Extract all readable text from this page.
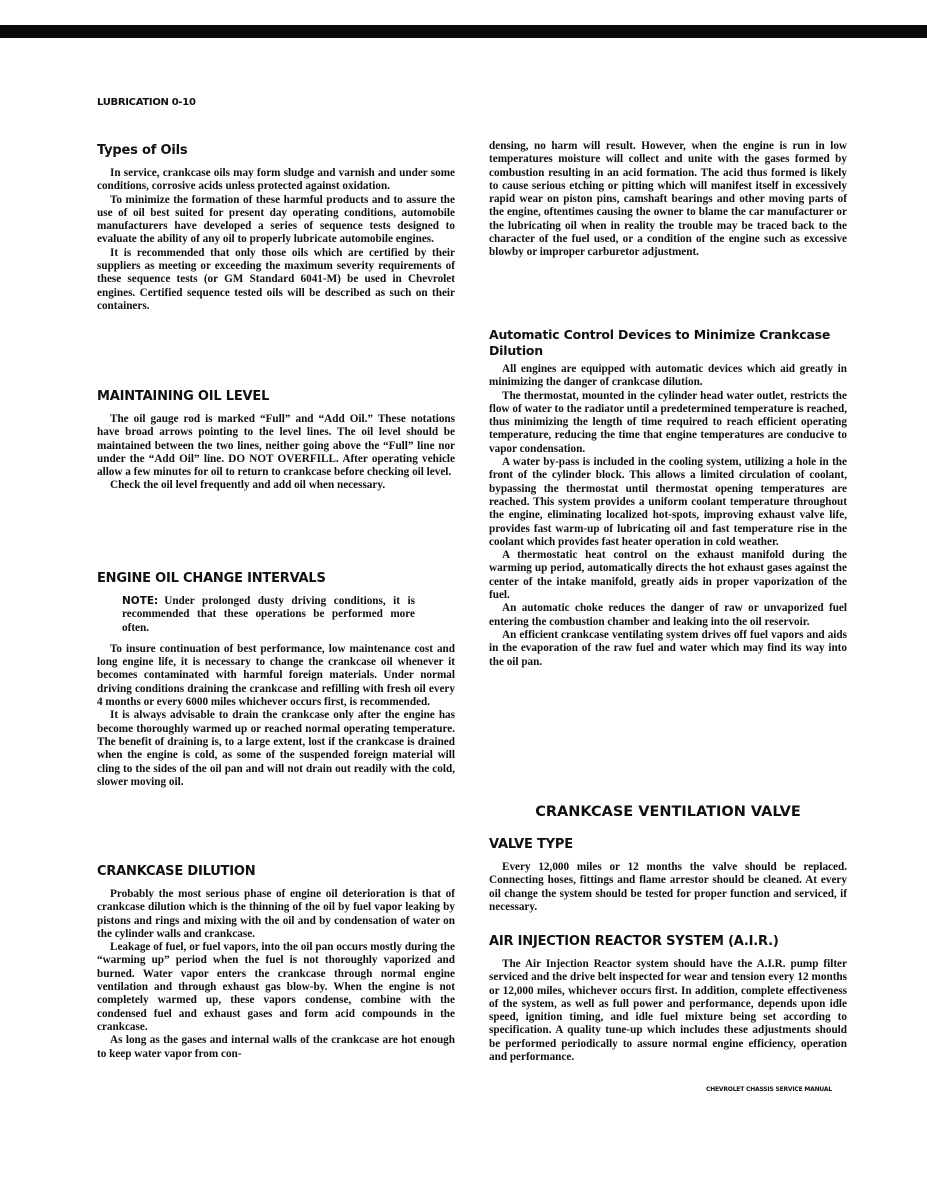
LUBRICATION 0-10
Types of Oils

In service, crankcase oils may form sludge and varnish and under some conditions, corrosive acids unless protected against oxidation.

To minimize the formation of these harmful products and to assure the use of oil best suited for present day operating conditions, automobile manufacturers have developed a series of sequence tests designed to evaluate the ability of any oil to properly lubricate automobile engines.

It is recommended that only those oils which are certified by their suppliers as meeting or exceeding the maximum severity requirements of these sequence tests (or GM Standard 6041-M) be used in Chevrolet engines. Certified sequence tested oils will be described as such on their containers.

MAINTAINING OIL LEVEL

The oil gauge rod is marked “Full” and “Add Oil.” These notations have broad arrows pointing to the level lines. The oil level should be maintained between the two lines, neither going above the “Full” line nor under the “Add Oil” line. DO NOT OVERFILL. After operating vehicle allow a few minutes for oil to return to crankcase before checking oil level.

Check the oil level frequently and add oil when necessary.

ENGINE OIL CHANGE INTERVALS
NOTE: Under prolonged dusty driving conditions, it is recommended that these operations be performed more often.

To insure continuation of best performance, low maintenance cost and long engine life, it is necessary to change the crankcase oil whenever it becomes contaminated with harmful foreign materials. Under normal driving conditions draining the crankcase and refilling with fresh oil every 4 months or every 6000 miles whichever occurs first, is recommended.

It is always advisable to drain the crankcase only after the engine has become thoroughly warmed up or reached normal operating temperature. The benefit of draining is, to a large extent, lost if the crankcase is drained when the engine is cold, as some of the suspended foreign material will cling to the sides of the oil pan and will not drain out readily with the cold, slower moving oil.

CRANKCASE DILUTION

Probably the most serious phase of engine oil deterioration is that of crankcase dilution which is the thinning of the oil by fuel vapor leaking by pistons and rings and mixing with the oil and by condensation of water on the cylinder walls and crankcase.

Leakage of fuel, or fuel vapors, into the oil pan occurs mostly during the “warming up” period when the fuel is not thoroughly vaporized and burned. Water vapor enters the crankcase through normal engine ventilation and through exhaust gas blow-by. When the engine is not completely warmed up, these vapors condense, combine with the condensed fuel and exhaust gases and form acid compounds in the crankcase.

As long as the gases and internal walls of the crankcase are hot enough to keep water vapor from con-

densing, no harm will result. However, when the engine is run in low temperatures moisture will collect and unite with the gases formed by combustion resulting in an acid formation. The acid thus formed is likely to cause serious etching or pitting which will manifest itself in excessively rapid wear on piston pins, camshaft bearings and other moving parts of the engine, oftentimes causing the owner to blame the car manufacturer or the lubricating oil when in reality the trouble may be traced back to the character of the fuel used, or a condition of the engine such as excessive blowby or improper carburetor adjustment.

Automatic Control Devices to Minimize Crankcase Dilution

All engines are equipped with automatic devices which aid greatly in minimizing the danger of crankcase dilution.

The thermostat, mounted in the cylinder head water outlet, restricts the flow of water to the radiator until a predetermined temperature is reached, thus minimizing the length of time required to reach efficient operating temperature, reducing the time that engine temperatures are conducive to vapor condensation.

A water by-pass is included in the cooling system, utilizing a hole in the front of the cylinder block. This allows a limited circulation of coolant, bypassing the thermostat until thermostat opening temperatures are reached. This system provides a uniform coolant temperature throughout the engine, eliminating localized hot-spots, improving exhaust valve life, provides fast warm-up of lubricating oil and fast temperature rise in the coolant which provides fast heater operation in cold weather.

A thermostatic heat control on the exhaust manifold during the warming up period, automatically directs the hot exhaust gases against the center of the intake manifold, greatly aids in proper vaporization of the fuel.

An automatic choke reduces the danger of raw or unvaporized fuel entering the combustion chamber and leaking into the oil reservoir.

An efficient crankcase ventilating system drives off fuel vapors and aids in the evaporation of the raw fuel and water which may find its way into the oil pan.

VALVE TYPE

Every 12,000 miles or 12 months the valve should be replaced. Connecting hoses, fittings and flame arrestor should be cleaned. At every oil change the system should be tested for proper function and serviced, if necessary.

AIR INJECTION REACTOR SYSTEM (A.I.R.)

The Air Injection Reactor system should have the A.I.R. pump filter serviced and the drive belt inspected for wear and tension every 12 months or 12,000 miles, whichever occurs first. In addition, complete effectiveness of the system, as well as full power and performance, depends upon idle speed, ignition timing, and idle fuel mixture being set according to specification. A quality tune-up which includes these adjustments should be performed periodically to assure normal engine efficiency, operation and performance.

CRANKCASE VENTILATION VALVE
CHEVROLET CHASSIS SERVICE MANUAL
